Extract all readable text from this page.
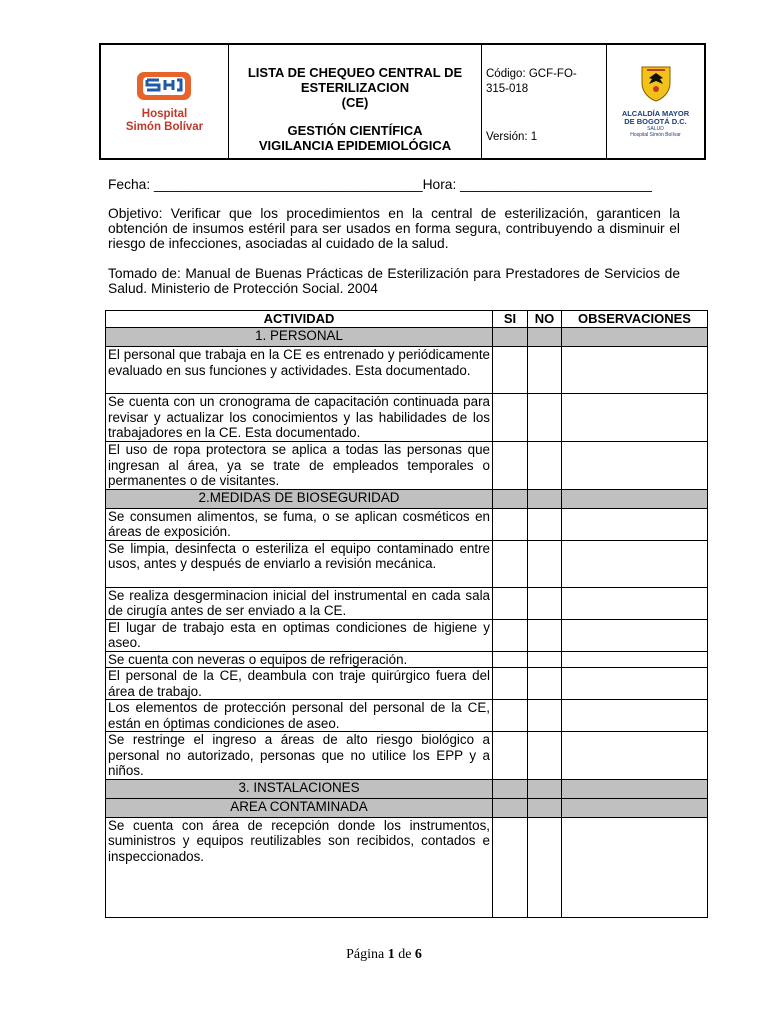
Hospital
Simón Bolívar
LISTA DE CHEQUEO CENTRAL DE
ESTERILIZACION
(CE)
GESTIÓN CIENTÍFICA
VIGILANCIA EPIDEMIOLÓGICA
Código: GCF-FO-315-018
Versión: 1
ALCALDÍA MAYOR
DE BOGOTÁ D.C.
SALUD
Hospital Simón Bolívar
Fecha: ___________________________________Hora: _________________________
Objetivo: Verificar que los procedimientos en la central de esterilización, garanticen la obtención de insumos estéril para ser usados en forma segura, contribuyendo a disminuir el riesgo de infecciones, asociadas al cuidado de la salud.
Tomado de: Manual de Buenas Prácticas de Esterilización para Prestadores de Servicios de Salud. Ministerio de Protección Social. 2004
ACTIVIDAD	SI	NO	OBSERVACIONES
1. PERSONAL			
El personal que trabaja en la CE es entrenado y periódicamente evaluado en sus funciones y actividades. Esta documentado.			
Se cuenta con un cronograma de capacitación continuada para revisar y actualizar los conocimientos y las habilidades de los trabajadores en la CE. Esta documentado.			
El uso de ropa protectora se aplica a todas las personas que ingresan al área, ya se trate de empleados temporales o permanentes o de visitantes.			
2.MEDIDAS DE BIOSEGURIDAD			
Se consumen alimentos, se fuma, o se aplican cosméticos en áreas de exposición.			
Se limpia, desinfecta o esteriliza el equipo contaminado entre usos, antes y después de enviarlo a revisión mecánica.			
Se realiza desgerminacion inicial del instrumental en cada sala de cirugía antes de ser enviado a la CE.			
El lugar de trabajo esta en optimas condiciones de higiene y aseo.			
Se cuenta con neveras o equipos de refrigeración.			
El personal de la CE, deambula con traje quirúrgico fuera del área de trabajo.			
Los elementos de protección personal del personal de la CE, están en óptimas condiciones de aseo.			
Se restringe el ingreso a áreas de alto riesgo biológico a personal no autorizado, personas que no utilice los EPP y a niños.			
3. INSTALACIONES			
AREA CONTAMINADA			
Se cuenta con área de recepción donde los instrumentos, suministros y equipos reutilizables son recibidos, contados e inspeccionados.			
Página 1 de 6
